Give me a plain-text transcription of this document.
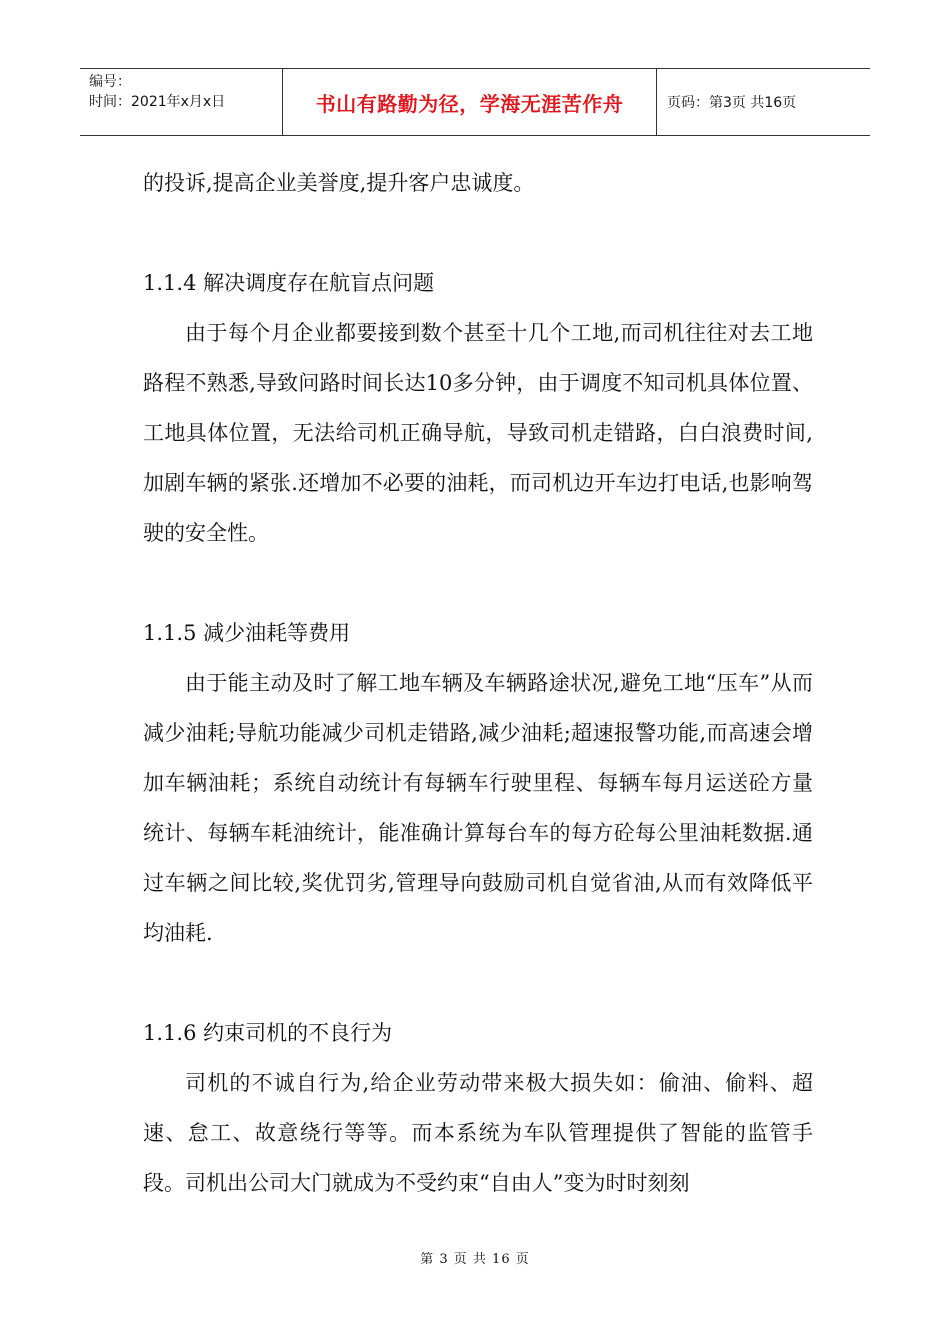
编号：
时间：2021年x月x日	书山有路勤为径，学海无涯苦作舟	页码：第3页 共16页

的投诉,提高企业美誉度,提升客户忠诚度。

1.1.4 解决调度存在航盲点问题

由于每个月企业都要接到数个甚至十几个工地,而司机往往对去工地路程不熟悉,导致问路时间长达10多分钟，由于调度不知司机具体位置、工地具体位置，无法给司机正确导航，导致司机走错路，白白浪费时间,加剧车辆的紧张.还增加不必要的油耗，而司机边开车边打电话,也影响驾驶的安全性。

1.1.5 减少油耗等费用

由于能主动及时了解工地车辆及车辆路途状况,避免工地“压车”从而减少油耗;导航功能减少司机走错路,减少油耗;超速报警功能,而高速会增加车辆油耗；系统自动统计有每辆车行驶里程、每辆车每月运送砼方量统计、每辆车耗油统计，能准确计算每台车的每方砼每公里油耗数据.通过车辆之间比较,奖优罚劣,管理导向鼓励司机自觉省油,从而有效降低平均油耗.

1.1.6 约束司机的不良行为

司机的不诚自行为,给企业劳动带来极大损失如：偷油、偷料、超速、怠工、故意绕行等等。而本系统为车队管理提供了智能的监管手段。司机出公司大门就成为不受约束“自由人”变为时时刻刻

第 3 页 共 16 页
